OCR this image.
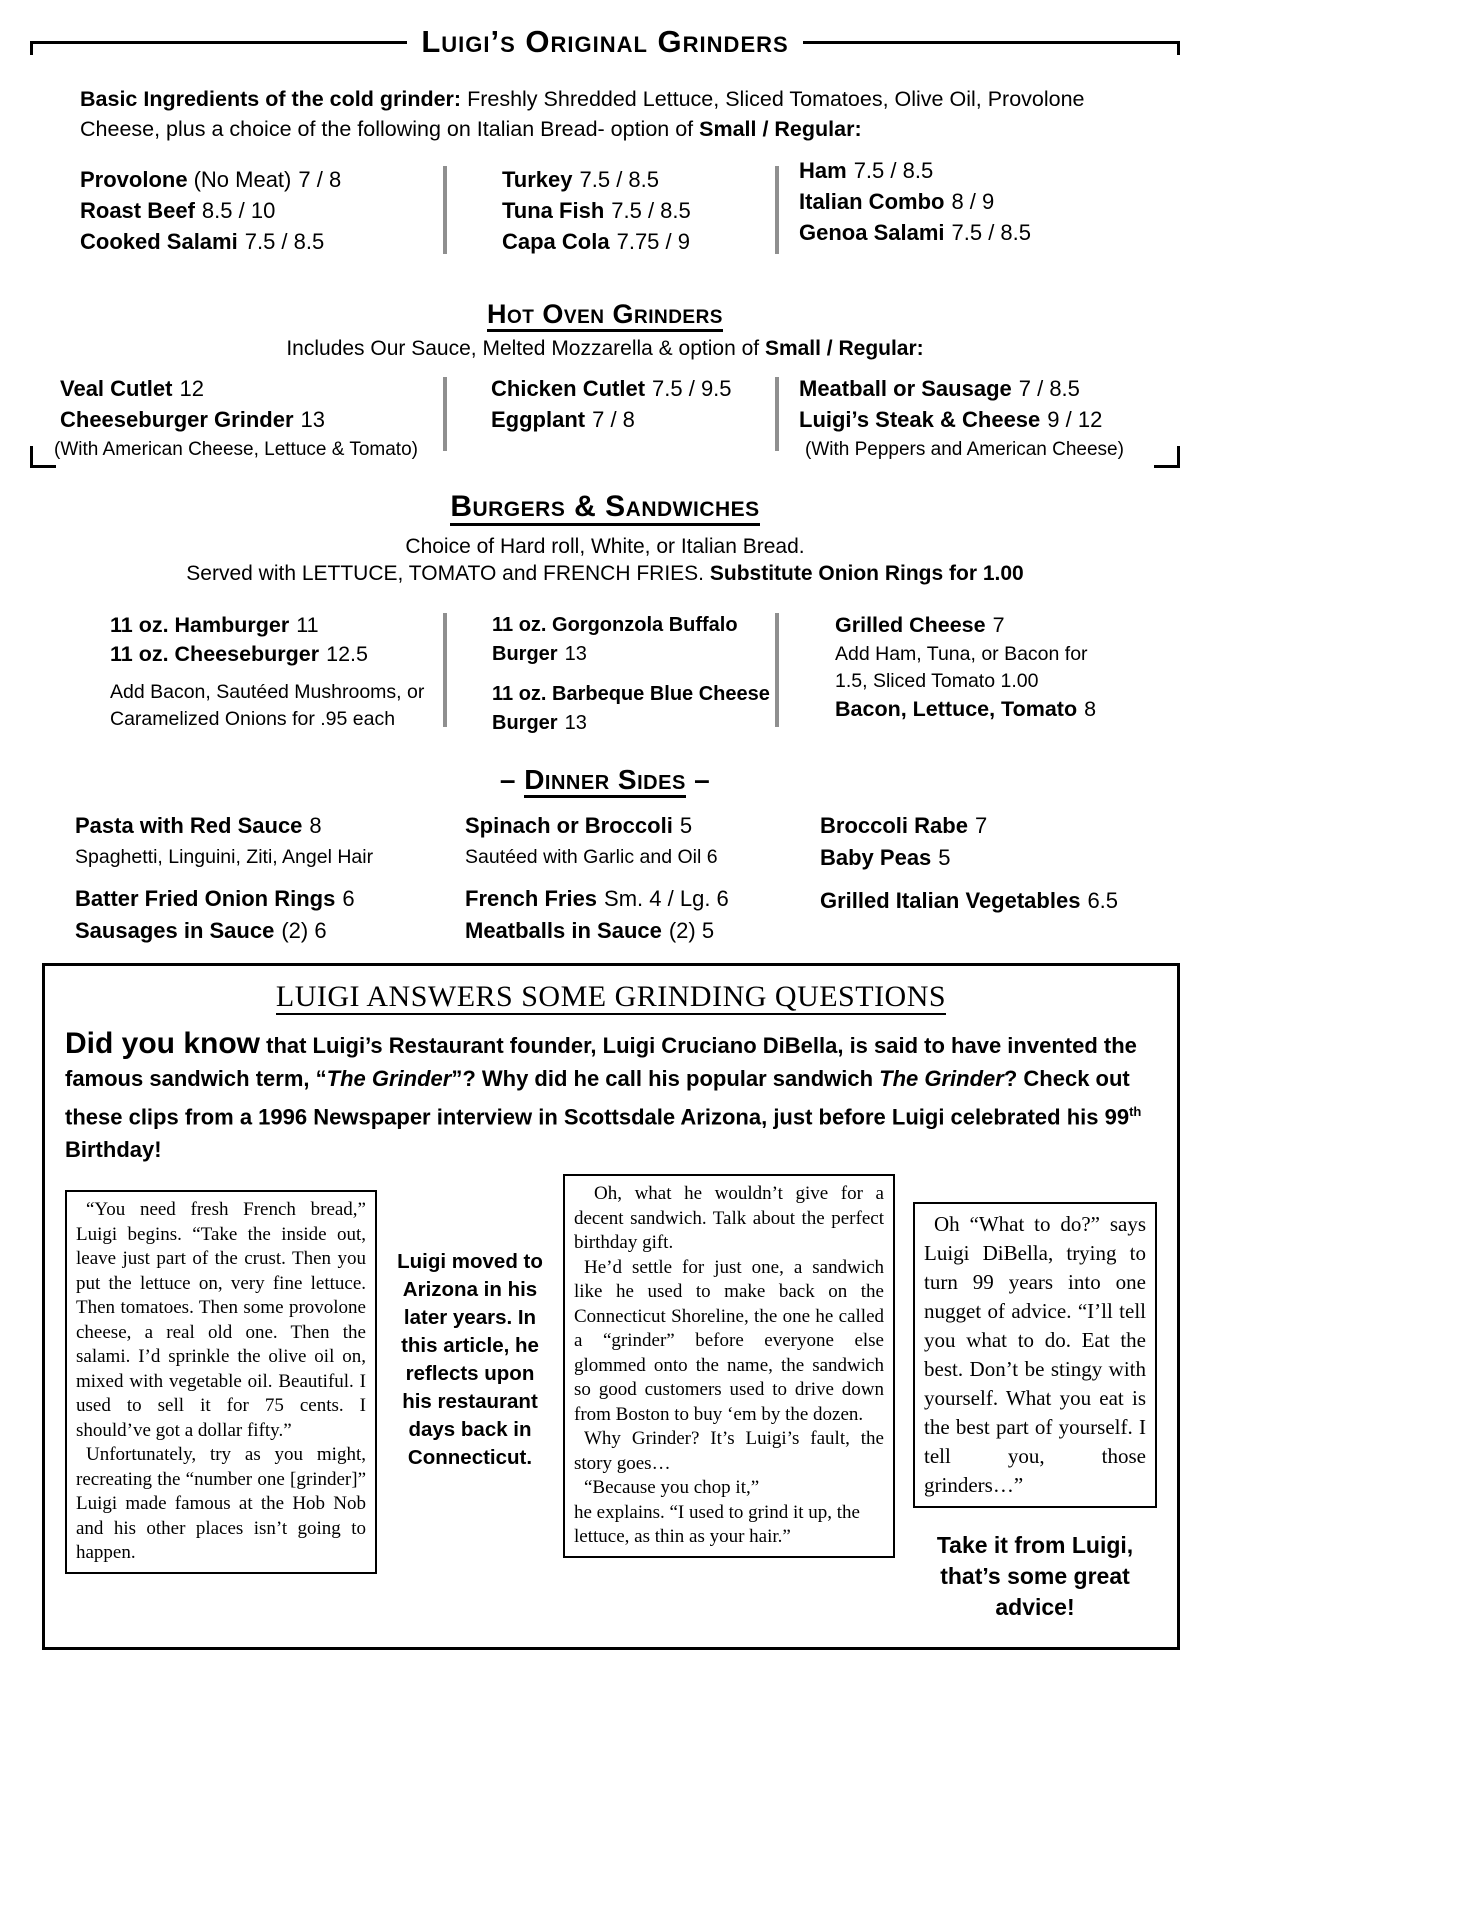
Luigi’s Original Grinders

Basic Ingredients of the cold grinder: Freshly Shredded Lettuce, Sliced Tomatoes, Olive Oil, Provolone Cheese, plus a choice of the following on Italian Bread- option of Small / Regular:

Provolone (No Meat) 7 / 8
Roast Beef 8.5 / 10
Cooked Salami 7.5 / 8.5
Turkey 7.5 / 8.5
Tuna Fish 7.5 / 8.5
Capa Cola 7.75 / 9
Ham 7.5 / 8.5
Italian Combo 8 / 9
Genoa Salami 7.5 / 8.5
Hot Oven Grinders

Includes Our Sauce, Melted Mozzarella & option of Small / Regular:

Veal Cutlet 12
Cheeseburger Grinder 13
(With American Cheese, Lettuce & Tomato)
Chicken Cutlet 7.5 / 9.5
Eggplant 7 / 8
Meatball or Sausage 7 / 8.5
Luigi’s Steak & Cheese 9 / 12
(With Peppers and American Cheese)
Burgers & Sandwiches

Choice of Hard roll, White, or Italian Bread.

Served with LETTUCE, TOMATO and FRENCH FRIES. Substitute Onion Rings for 1.00

11 oz. Hamburger 11
11 oz. Cheeseburger 12.5
Add Bacon, Sautéed Mushrooms, or Caramelized Onions for .95 each
11 oz. Gorgonzola Buffalo Burger 13
11 oz. Barbeque Blue Cheese Burger 13
Grilled Cheese 7
Add Ham, Tuna, or Bacon for 1.5, Sliced Tomato 1.00
Bacon, Lettuce, Tomato 8
– Dinner Sides –
Pasta with Red Sauce 8
Spaghetti, Linguini, Ziti, Angel Hair
Batter Fried Onion Rings 6
Sausages in Sauce (2) 6
Spinach or Broccoli 5
Sautéed with Garlic and Oil 6
French Fries Sm. 4 / Lg. 6
Meatballs in Sauce (2) 5
Broccoli Rabe 7
Baby Peas 5
Grilled Italian Vegetables 6.5
LUIGI ANSWERS SOME GRINDING QUESTIONS

Did you know that Luigi’s Restaurant founder, Luigi Cruciano DiBella, is said to have invented the famous sandwich term, “The Grinder”? Why did he call his popular sandwich The Grinder? Check out these clips from a 1996 Newspaper interview in Scottsdale Arizona, just before Luigi celebrated his 99th Birthday!

“You need fresh French bread,” Luigi begins. “Take the inside out, leave just part of the crust. Then you put the lettuce on, very fine lettuce. Then tomatoes. Then some provolone cheese, a real old one. Then the salami. I’d sprinkle the olive oil on, mixed with vegetable oil. Beautiful. I used to sell it for 75 cents. I should’ve got a dollar fifty.”

Unfortunately, try as you might, recreating the “number one [grinder]” Luigi made famous at the Hob Nob and his other places isn’t going to happen.

Luigi moved to Arizona in his later years. In this article, he reflects upon his restaurant days back in Connecticut.

Oh, what he wouldn’t give for a decent sandwich. Talk about the perfect birthday gift.

He’d settle for just one, a sandwich like he used to make back on the Connecticut Shoreline, the one he called a “grinder” before everyone else glommed onto the name, the sandwich so good customers used to drive down from Boston to buy ‘em by the dozen.

Why Grinder? It’s Luigi’s fault, the story goes…

“Because you chop it,”

he explains. “I used to grind it up, the lettuce, as thin as your hair.”

Oh “What to do?” says Luigi DiBella, trying to turn 99 years into one nugget of advice. “I’ll tell you what to do. Eat the best. Don’t be stingy with yourself. What you eat is the best part of yourself. I tell you, those grinders…”

Take it from Luigi, that’s some great advice!
